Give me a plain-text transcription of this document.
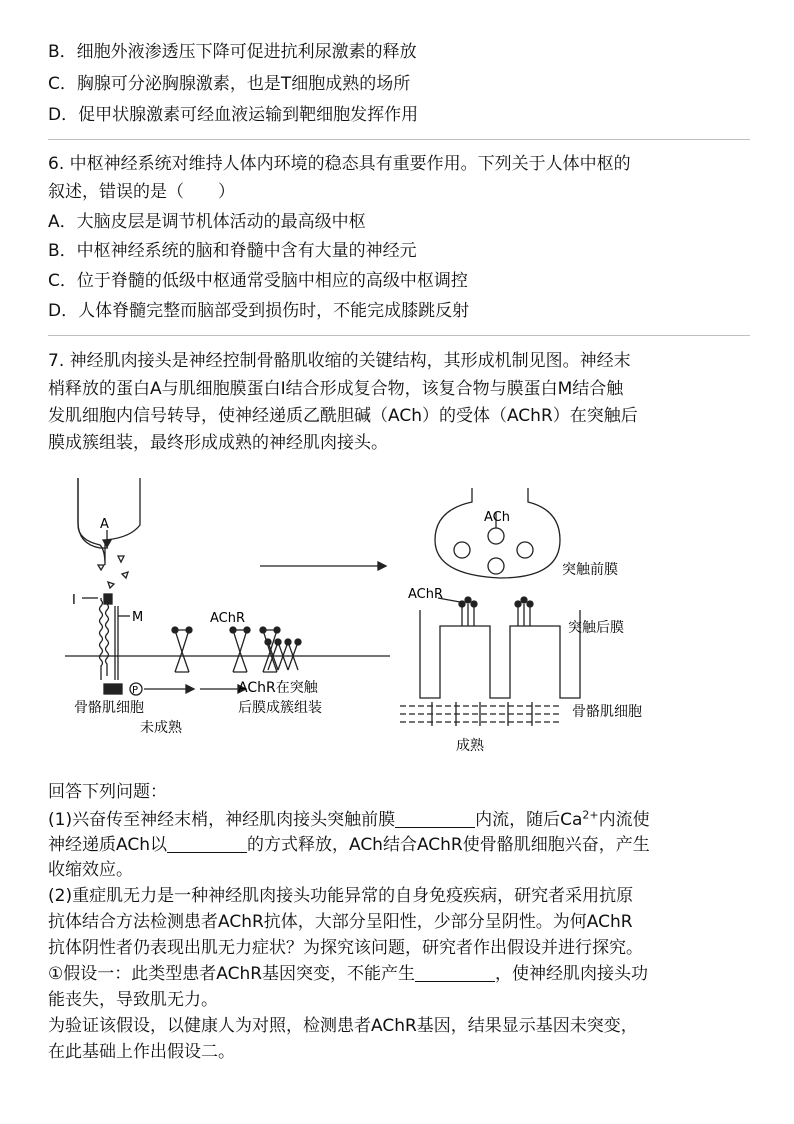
B．细胞外液渗透压下降可促进抗利尿激素的释放
C．胸腺可分泌胸腺激素，也是T细胞成熟的场所
D．促甲状腺激素可经血液运输到靶细胞发挥作用
6. 中枢神经系统对维持人体内环境的稳态具有重要作用。下列关于人体中枢的
叙述，错误的是（　　）
A．大脑皮层是调节机体活动的最高级中枢
B．中枢神经系统的脑和脊髓中含有大量的神经元
C．位于脊髓的低级中枢通常受脑中相应的高级中枢调控
D．人体脊髓完整而脑部受到损伤时，不能完成膝跳反射
7. 神经肌肉接头是神经控制骨骼肌收缩的关键结构，其形成机制见图。神经末
梢释放的蛋白A与肌细胞膜蛋白Ⅰ结合形成复合物，该复合物与膜蛋白M结合触
发肌细胞内信号转导，使神经递质乙酰胆碱（ACh）的受体（AChR）在突触后
膜成簇组装，最终形成成熟的神经肌肉接头。
A
I
M	AChR
P
骨骼肌细胞
未成熟
AChR在突触
后膜成簇组装
ACh
突触前膜
AChR
突触后膜
骨骼肌细胞
成熟
回答下列问题：
(1)兴奋传至神经末梢，神经肌肉接头突触前膜	内流，随后$Ca^{2+}$内流使
神经递质ACh以	的方式释放，ACh结合AChR使骨骼肌细胞兴奋，产生
收缩效应。
(2)重症肌无力是一种神经肌肉接头功能异常的自身免疫疾病，研究者采用抗原
抗体结合方法检测患者AChR抗体，大部分呈阳性，少部分呈阴性。为何AChR
抗体阴性者仍表现出肌无力症状？为探究该问题，研究者作出假设并进行探究。
①假设一：此类型患者AChR基因突变，不能产生	，使神经肌肉接头功
能丧失，导致肌无力。
为验证该假设，以健康人为对照，检测患者AChR基因，结果显示基因未突变，
在此基础上作出假设二。
